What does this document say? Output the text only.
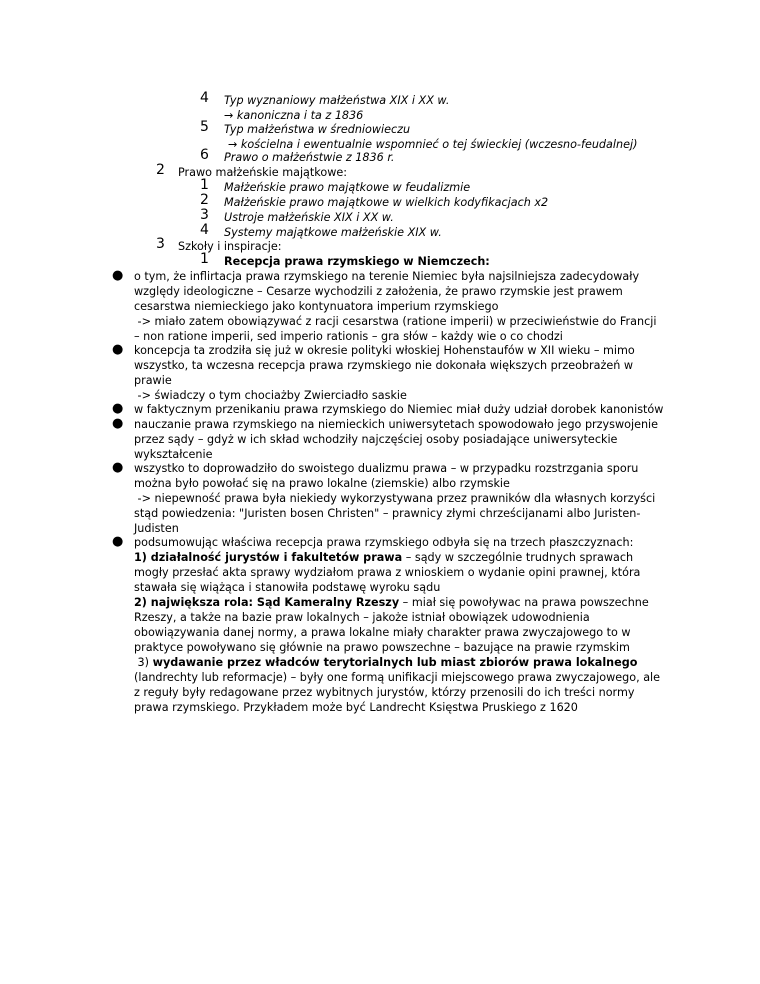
4 Typ wyznaniowy małżeństwa XIX i XX w.
→ kanoniczna i ta z 1836
5 Typ małżeństwa w średniowieczu
→ kościelna i ewentualnie wspomnieć o tej świeckiej (wczesno-feudalnej)
6 Prawo o małżeństwie z 1836 r.
2 Prawo małżeńskie majątkowe:
1 Małżeńskie prawo majątkowe w feudalizmie
2 Małżeńskie prawo majątkowe w wielkich kodyfikacjach x2
3 Ustroje małżeńskie XIX i XX w.
4 Systemy majątkowe małżeńskie XIX w.
3 Szkoły i inspiracje:
1 Recepcja prawa rzymskiego w Niemczech:
● o tym, że inflirtacja prawa rzymskiego na terenie Niemiec była najsilniejsza zadecydowały
względy ideologiczne – Cesarze wychodzili z założenia, że prawo rzymskie jest prawem
cesarstwa niemieckiego jako kontynuatora imperium rzymskiego
-> miało zatem obowiązywać z racji cesarstwa (ratione imperii) w przeciwieństwie do Francji
– non ratione imperii, sed imperio rationis – gra słów – każdy wie o co chodzi
● koncepcja ta zrodziła się już w okresie polityki włoskiej Hohenstaufów w XII wieku – mimo
wszystko, ta wczesna recepcja prawa rzymskiego nie dokonała większych przeobrażeń w
prawie
-> świadczy o tym chociażby Zwierciadło saskie
● w faktycznym przenikaniu prawa rzymskiego do Niemiec miał duży udział dorobek kanonistów
● nauczanie prawa rzymskiego na niemieckich uniwersytetach spowodowało jego przyswojenie
przez sądy – gdyż w ich skład wchodziły najczęściej osoby posiadające uniwersyteckie
wykształcenie
● wszystko to doprowadziło do swoistego dualizmu prawa – w przypadku rozstrzgania sporu
można było powołać się na prawo lokalne (ziemskie) albo rzymskie
-> niepewność prawa była niekiedy wykorzystywana przez prawników dla własnych korzyści
stąd powiedzenia: "Juristen bosen Christen" – prawnicy złymi chrześcijanami albo Juristen-
Judisten
● podsumowując właściwa recepcja prawa rzymskiego odbyła się na trzech płaszczyznach:
1) działalność jurystów i fakultetów prawa – sądy w szczególnie trudnych sprawach
mogły przesłać akta sprawy wydziałom prawa z wnioskiem o wydanie opini prawnej, która
stawała się wiążąca i stanowiła podstawę wyroku sądu
2) największa rola: Sąd Kameralny Rzeszy – miał się powoływac na prawa powszechne
Rzeszy, a także na bazie praw lokalnych – jakoże istniał obowiązek udowodnienia
obowiązywania danej normy, a prawa lokalne miały charakter prawa zwyczajowego to w
praktyce powoływano się głównie na prawo powszechne – bazujące na prawie rzymskim
3) wydawanie przez władców terytorialnych lub miast zbiorów prawa lokalnego
(landrechty lub reformacje) – były one formą unifikacji miejscowego prawa zwyczajowego, ale
z reguły były redagowane przez wybitnych jurystów, którzy przenosili do ich treści normy
prawa rzymskiego. Przykładem może być Landrecht Księstwa Pruskiego z 1620
